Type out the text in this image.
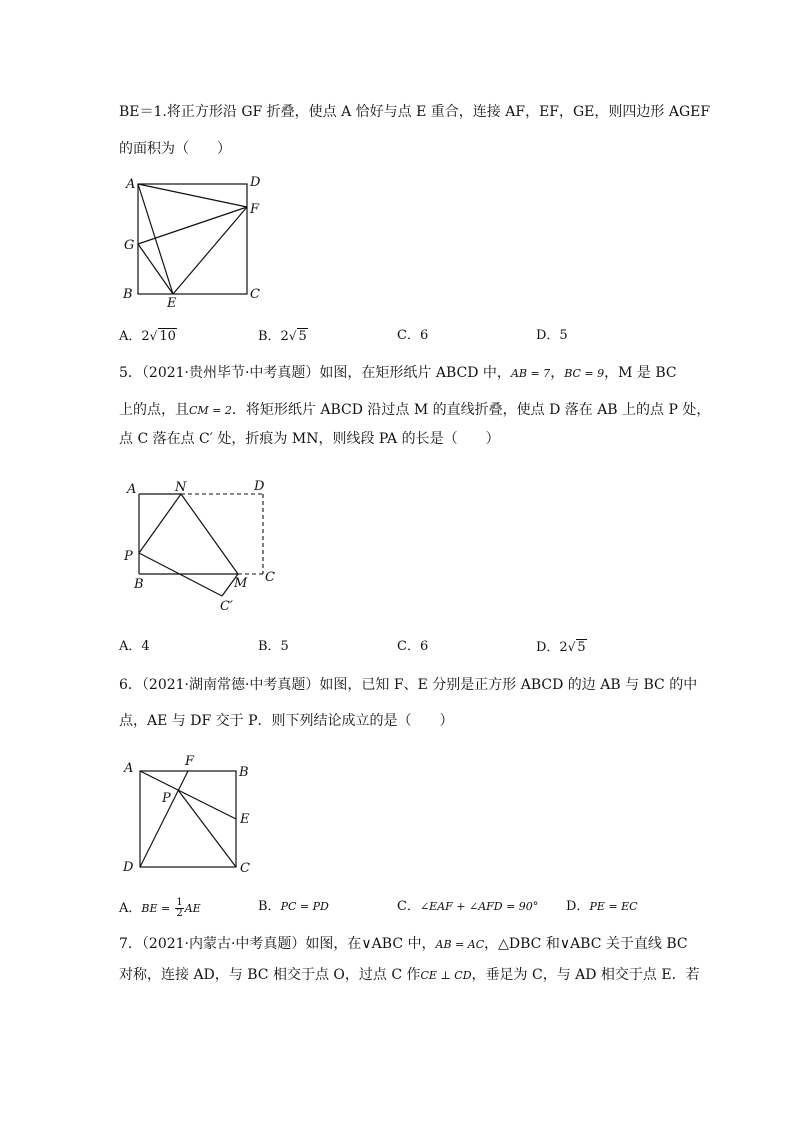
BE＝1.将正方形沿 GF 折叠，使点 A 恰好与点 E 重合，连接 AF，EF，GE，则四边形 AGEF
的面积为（　　）
A	D
F
G
B
E
C
A．2√ 10	B．2√ 5	C．6	D．5
5．（2021·贵州毕节·中考真题）如图，在矩形纸片 ABCD 中，AB = 7，BC = 9，M 是 BC
上的点，且CM = 2．将矩形纸片 ABCD 沿过点 M 的直线折叠，使点 D 落在 AB 上的点 P 处，
点 C 落在点 C′ 处，折痕为 MN，则线段 PA 的长是（　　）
A	N	D
P
B	M C
C′
A．4	B．5	C．6	D．2√ 5
6．（2021·湖南常德·中考真题）如图，已知 F、E 分别是正方形 ABCD 的边 AB 与 BC 的中
点，AE 与 DF 交于 P．则下列结论成立的是（　　）
A	F
B
P
E
D	C
A．BE = $\frac{1}{2}$ AE	B．PC = PD	C．∠EAF + ∠AFD = 90° D．PE = EC
7．（2021·内蒙古·中考真题）如图，在∨ABC 中，AB = AC，△DBC 和∨ABC 关于直线 BC
对称，连接 AD，与 BC 相交于点 O，过点 C 作CE ⊥ CD，垂足为 C，与 AD 相交于点 E．若
